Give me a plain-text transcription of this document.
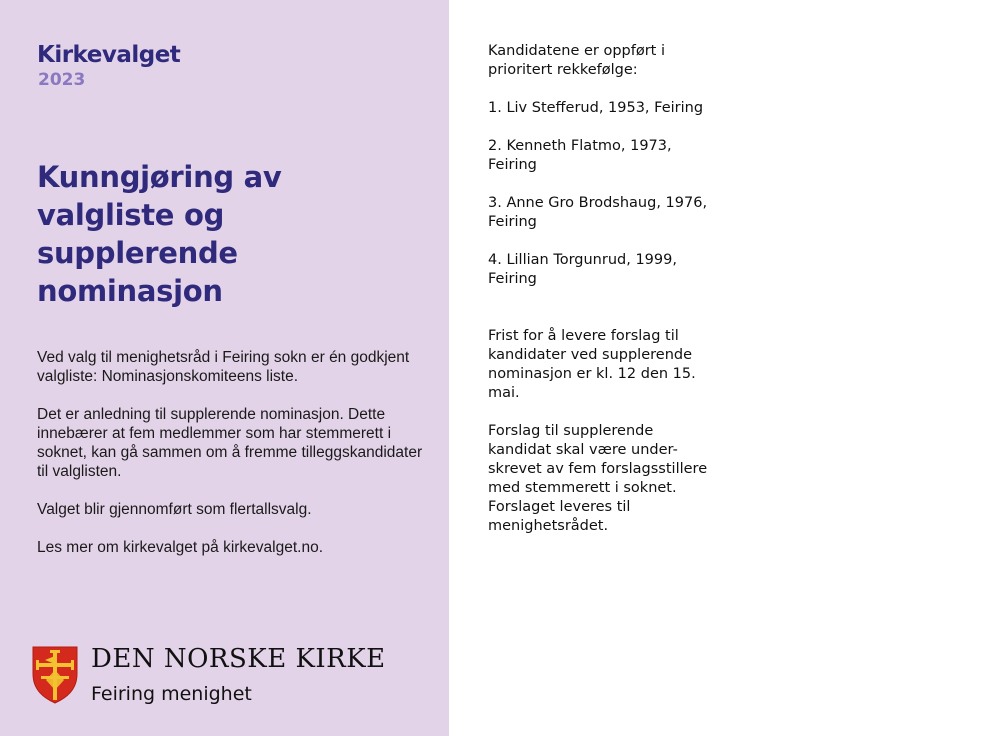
Kirkevalget
2023
Kunngjøring av valgliste og supplerende nominasjon

Ved valg til menighetsråd i Feiring sokn er én godkjent valgliste: Nominasjonskomiteens liste.

Det er anledning til supplerende nominasjon. Dette innebærer at fem medlemmer som har stemmerett i soknet, kan gå sammen om å fremme tilleggskandidater til valglisten.

Valget blir gjennomført som flertallsvalg.

Les mer om kirkevalget på kirkevalget.no.

DEN NORSKE KIRKE
Feiring menighet

Kandidatene er oppført i prioritert rekkefølge:

1. Liv Stefferud, 1953, Feiring

2. Kenneth Flatmo, 1973, Feiring

3. Anne Gro Brodshaug, 1976, Feiring

4. Lillian Torgunrud, 1999, Feiring

Frist for å levere forslag til kandidater ved supplerende nominasjon er kl. 12 den 15. mai.

Forslag til supplerende kandidat skal være under-skrevet av fem forslagsstillere med stemmerett i soknet. Forslaget leveres til menighetsrådet.
